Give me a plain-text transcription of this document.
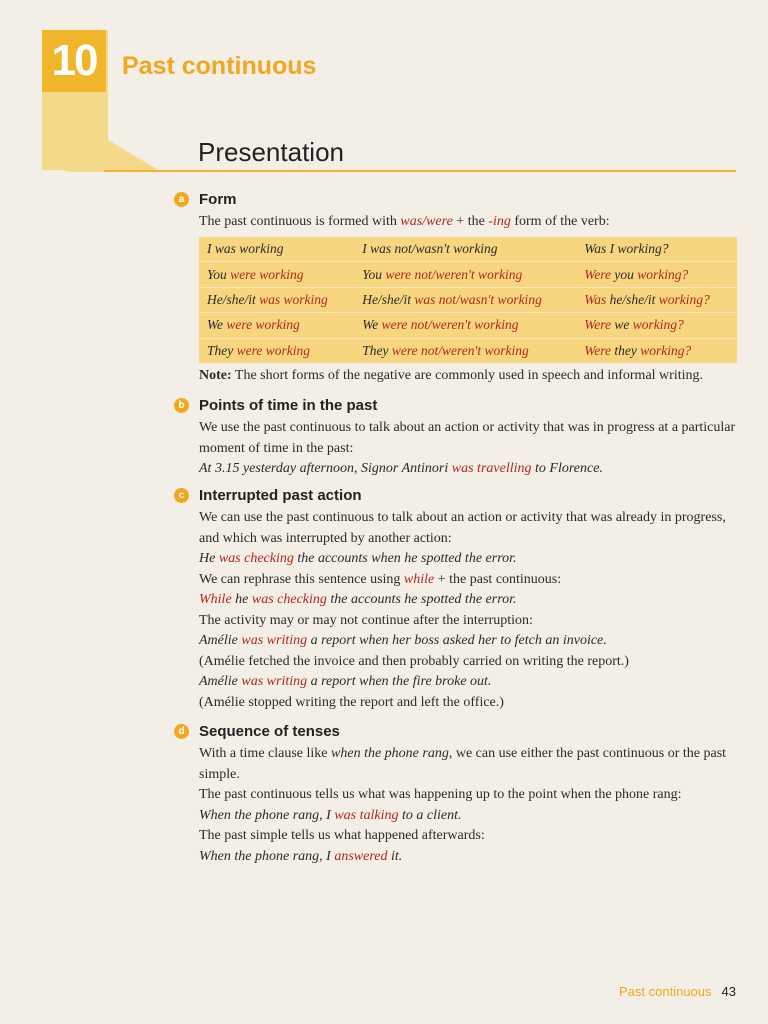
10	Past continuous
Presentation
a Form
The past continuous is formed with was/were + the -ing form of the verb:
I was working	I was not/wasn't working	Was I working?
You were working	You were not/weren't working	Were you working?
He/she/it was working	He/she/it was not/wasn't working	Was he/she/it working?
We were working	We were not/weren't working	Were we working?
They were working	They were not/weren't working	Were they working?
Note: The short forms of the negative are commonly used in speech and informal writing.
b Points of time in the past

We use the past continuous to talk about an action or activity that was in progress at a particular moment of time in the past:

At 3.15 yesterday afternoon, Signor Antinori was travelling to Florence.

c Interrupted past action

We can use the past continuous to talk about an action or activity that was already in progress, and which was interrupted by another action:

He was checking the accounts when he spotted the error.

We can rephrase this sentence using while + the past continuous:

While he was checking the accounts he spotted the error.

The activity may or may not continue after the interruption:

Amélie was writing a report when her boss asked her to fetch an invoice.

(Amélie fetched the invoice and then probably carried on writing the report.)

Amélie was writing a report when the fire broke out.

(Amélie stopped writing the report and left the office.)

d Sequence of tenses

With a time clause like when the phone rang, we can use either the past continuous or the past simple.

The past continuous tells us what was happening up to the point when the phone rang:

When the phone rang, I was talking to a client.

The past simple tells us what happened afterwards:

When the phone rang, I answered it.

Past continuous 43
